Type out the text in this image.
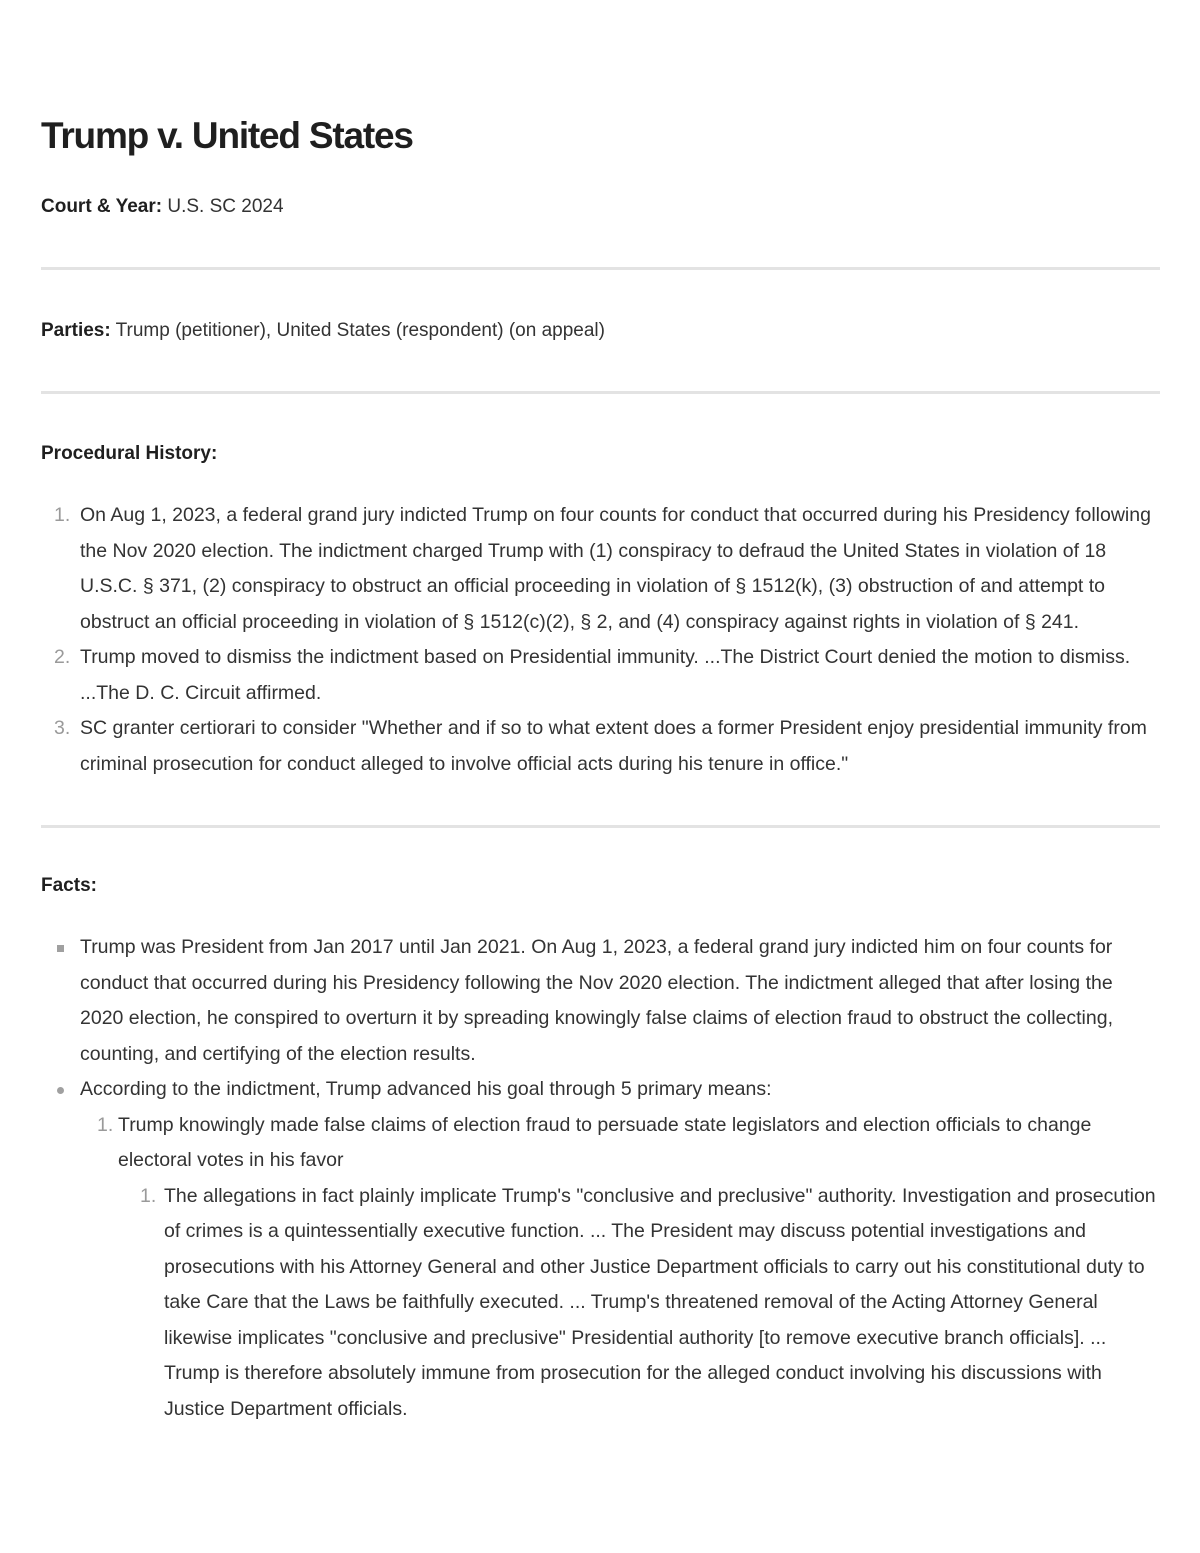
Trump v. United States
Court & Year: U.S. SC 2024
Parties: Trump (petitioner), United States (respondent) (on appeal)
Procedural History:
1. On Aug 1, 2023, a federal grand jury indicted Trump on four counts for conduct that occurred during his Presidency following the Nov 2020 election. The indictment charged Trump with (1) conspiracy to defraud the United States in violation of 18 U.S.C. § 371, (2) conspiracy to obstruct an official proceeding in violation of § 1512(k), (3) obstruction of and attempt to obstruct an official proceeding in violation of § 1512(c)(2), § 2, and (4) conspiracy against rights in violation of § 241.
2. Trump moved to dismiss the indictment based on Presidential immunity. ...The District Court denied the motion to dismiss. ...The D. C. Circuit affirmed.
3. SC granter certiorari to consider "Whether and if so to what extent does a former President enjoy presidential immunity from criminal prosecution for conduct alleged to involve official acts during his tenure in office."
Facts:
Trump was President from Jan 2017 until Jan 2021. On Aug 1, 2023, a federal grand jury indicted him on four counts for conduct that occurred during his Presidency following the Nov 2020 election. The indictment alleged that after losing the 2020 election, he conspired to overturn it by spreading knowingly false claims of election fraud to obstruct the collecting, counting, and certifying of the election results.
According to the indictment, Trump advanced his goal through 5 primary means:
1. Trump knowingly made false claims of election fraud to persuade state legislators and election officials to change electoral votes in his favor
1. The allegations in fact plainly implicate Trump's "conclusive and preclusive" authority. Investigation and prosecution of crimes is a quintessentially executive function. ... The President may discuss potential investigations and prosecutions with his Attorney General and other Justice Department officials to carry out his constitutional duty to take Care that the Laws be faithfully executed. ... Trump's threatened removal of the Acting Attorney General likewise implicates "conclusive and preclusive" Presidential authority [to remove executive branch officials]. ... Trump is therefore absolutely immune from prosecution for the alleged conduct involving his discussions with Justice Department officials.
